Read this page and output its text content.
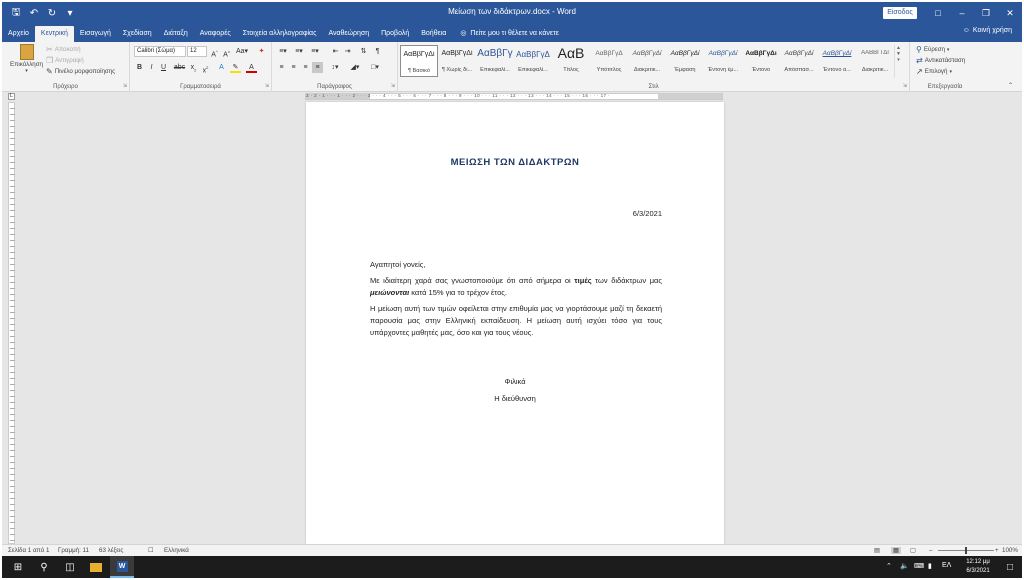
🖫 ↶ ↻	▾	Μείωση των διδάκτρων.docx - Word	Είσοδος	□	–	❐	✕
Αρχείο	Κεντρική	Εισαγωγή	Σχεδίαση	Διάταξη	Αναφορές	Στοιχεία αλληλογραφίας	Αναθεώρηση	Προβολή	Βοήθεια	◎ Πείτε μου τι θέλετε να κάνετε	☺ Κοινή χρήση
Επικόλληση
▾
✂ Αποκοπή
❐ Αντιγραφή
✎ Πινέλο μορφοποίησης
Πρόχειρο	⇲
Calibri (Σώμα)	12
A^ $A^v$ Aa▾	✦
B	I	U	abc $x_2$ $x^2$	A	✎	A
Γραμματοσειρά	⇲
≡▾	≡▾	≡▾	⇤ ⇥	⇅	¶
≡	≡	≡	≡	↕▾	◢▾	□▾
Παράγραφος	⇲	Στιλ	⇲
ΑαΒβΓγΔί
¶ Βασικό
ΑαΒβΓγΔί
¶ Χωρίς δι...
ΑαΒβΓγ
Επικεφαλί...
ΑαΒβΓγΔ
Επικεφαλί...
ΑαΒ
Τίτλος
ΑαΒβΓγΔ
Υπότιτλος
ΑαΒβΓγΔί
Διακριτικ...
ΑαΒβΓγΔί
Έμφαση
ΑαΒβΓγΔί
Έντονη έμ...
ΑαΒβΓγΔι
Έντονο
ΑαΒβΓγΔί
Απόσπασ...
ΑαΒβΓγΔί
Έντονο α...
ΑΑΒΒΓΓΔΙ
Διακριτικ...
▲
▼
▾
⚲ Εύρεση ▾
⇄ Αντικατάσταση
↗ Επιλογή ▾
Επεξεργασία	⌃
L	3 · 2 · 1 · · · 1 · · · 2 · · · 3 · · · 4 · · · 5 · · · 6 · · · 7 · · · 8 · · · 9 · · · 10 · · · 11 · · · 12 · · · 13 · · · 14 · · · 15 · · · 16 · · · 17 ·
ΜΕΙΩΣΗ ΤΩΝ ΔΙΔΑΚΤΡΩΝ
6/3/2021

Αγαπητοί γονείς,

Με ιδιαίτερη χαρά σας γνωστοποιούμε ότι από σήμερα οι τιμές των διδάκτρων μας μειώνονται κατά 15% για το τρέχον έτος.

Η μείωση αυτή των τιμών οφείλεται στην επιθυμία μας να γιορτάσουμε μαζί τη δεκαετή παρουσία μας στην Ελληνική εκπαίδευση. Η μείωση αυτή ισχύει τόσο για τους υπάρχοντες μαθητές μας, όσο και για τους νέους.

Φιλικά
Η διεύθυνση
Σελίδα 1 από 1 Γραμμή: 11 63 λέξεις	☐ Ελληνικά	▤	▦	▢ –	+ 100%
⊞	⚲	◫	W	⌃ 🔈 ⌨ ▮ ΕΛ	12:12 μμ
6/3/2021	□
